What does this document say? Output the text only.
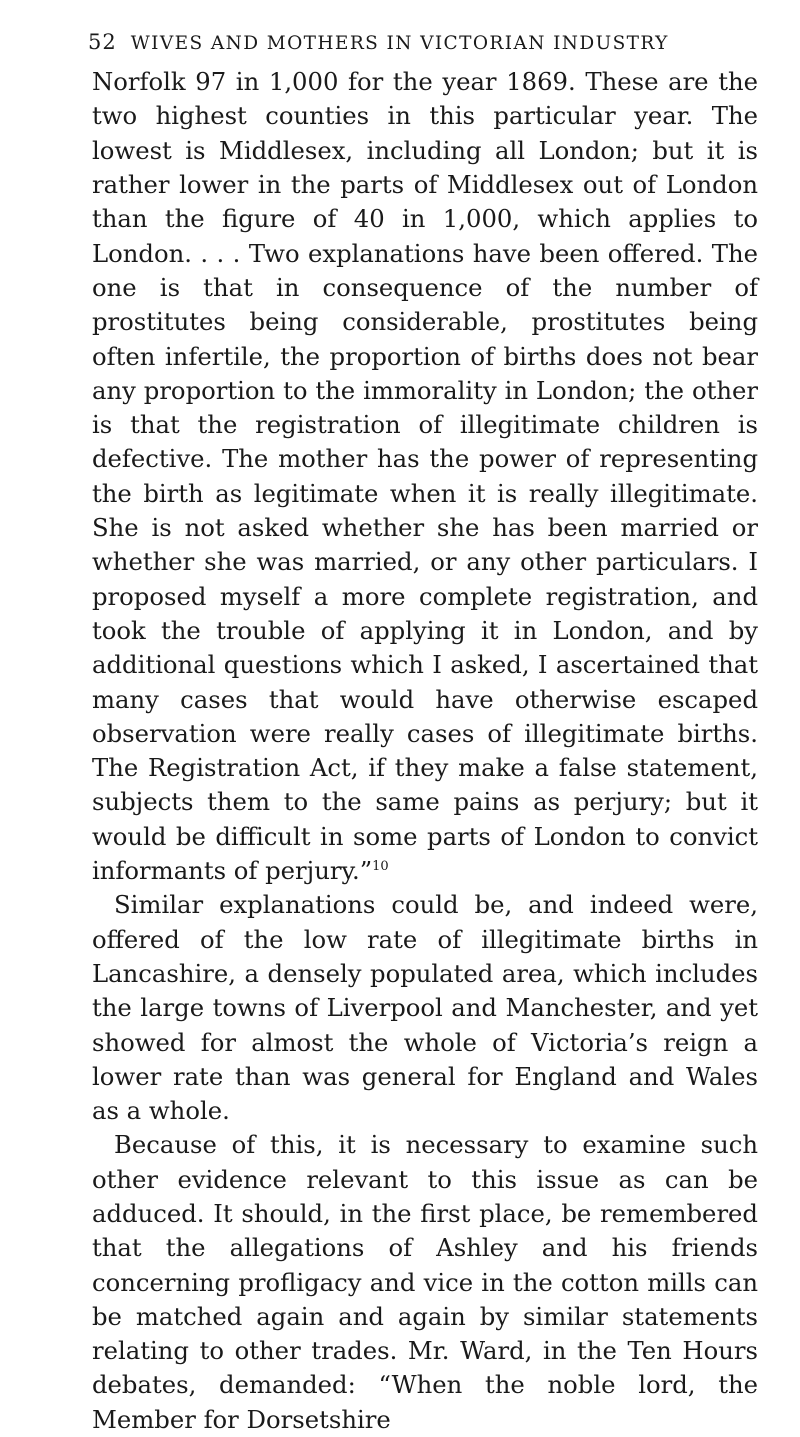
52 WIVES AND MOTHERS IN VICTORIAN INDUSTRY

Norfolk 97 in 1,000 for the year 1869. These are the two highest counties in this particular year. The lowest is Middlesex, including all London; but it is rather lower in the parts of Middlesex out of London than the figure of 40 in 1,000, which applies to London. . . . Two explanations have been offered. The one is that in consequence of the number of prostitutes being considerable, prostitutes being often infertile, the proportion of births does not bear any proportion to the immorality in London; the other is that the registration of illegitimate children is defective. The mother has the power of representing the birth as legitimate when it is really illegitimate. She is not asked whether she has been married or whether she was married, or any other particulars. I proposed myself a more complete registration, and took the trouble of applying it in London, and by additional questions which I asked, I ascertained that many cases that would have otherwise escaped observation were really cases of illegitimate births. The Registration Act, if they make a false statement, subjects them to the same pains as perjury; but it would be difficult in some parts of London to convict informants of perjury.”$^{10}$

Similar explanations could be, and indeed were, offered of the low rate of illegitimate births in Lancashire, a densely populated area, which includes the large towns of Liverpool and Manchester, and yet showed for almost the whole of Victoria’s reign a lower rate than was general for England and Wales as a whole.

Because of this, it is necessary to examine such other evidence relevant to this issue as can be adduced. It should, in the first place, be remembered that the allegations of Ashley and his friends concerning profligacy and vice in the cotton mills can be matched again and again by similar statements relating to other trades. Mr. Ward, in the Ten Hours debates, demanded: “When the noble lord, the Member for Dorsetshire
